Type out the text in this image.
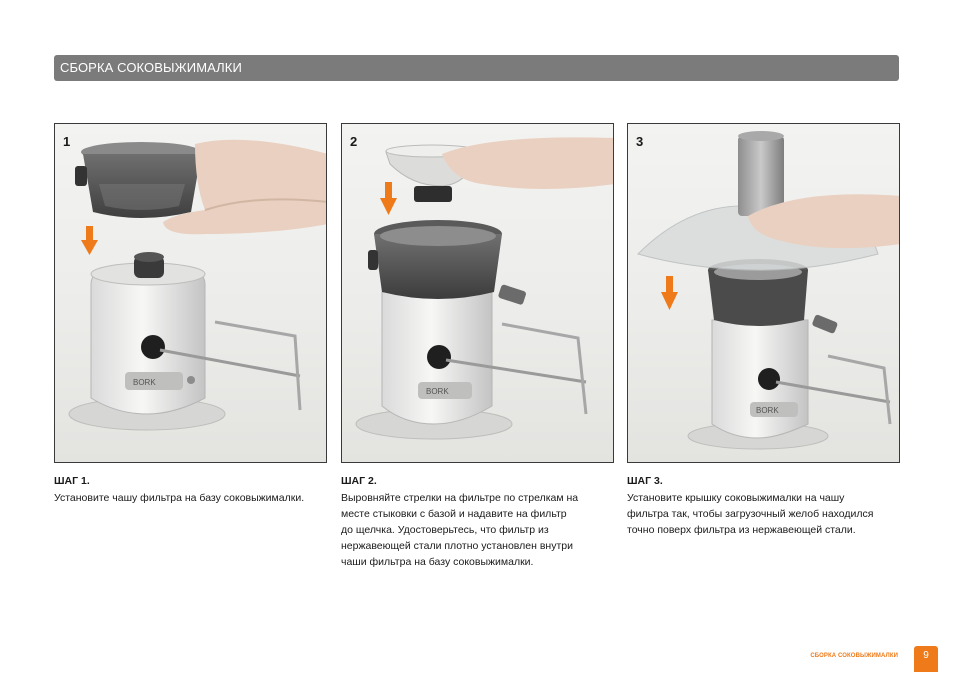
СБОРКА СОКОВЫЖИМАЛКИ
BORK
1
BORK
2
BORK
3
ШАГ 1.
Установите чашу фильтра на базу соковыжималки.
ШАГ 2.
Выровняйте стрелки на фильтре по стрелкам на
месте стыковки с базой и надавите на фильтр
до щелчка. Удостоверьтесь, что фильтр из
нержавеющей стали плотно установлен внутри
чаши фильтра на базу соковыжималки.
ШАГ 3.
Установите крышку соковыжималки на чашу
фильтра так, чтобы загрузочный желоб находился
точно поверх фильтра из нержавеющей стали.
СБОРКА СОКОВЫЖИМАЛКИ	9
